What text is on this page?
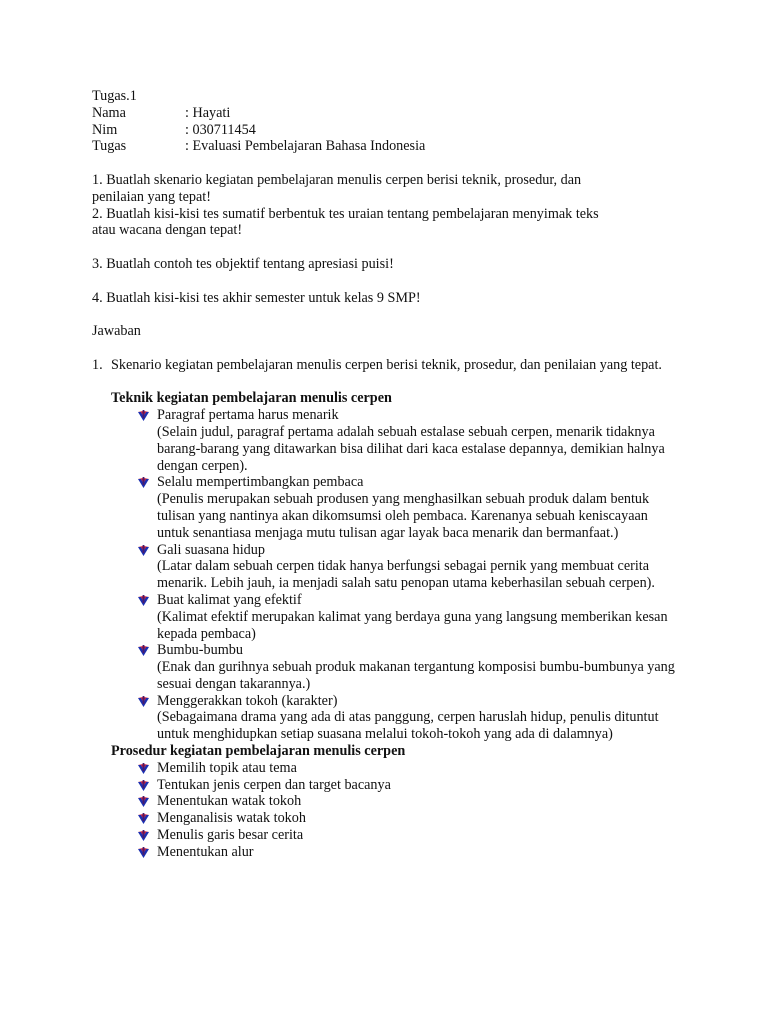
Tugas.1
Nama	: Hayati
Nim	: 030711454
Tugas	: Evaluasi Pembelajaran Bahasa Indonesia
1. Buatlah skenario kegiatan pembelajaran menulis cerpen berisi teknik, prosedur, dan
penilaian yang tepat!
2. Buatlah kisi-kisi tes sumatif berbentuk tes uraian tentang pembelajaran menyimak teks
atau wacana dengan tepat!
3. Buatlah contoh tes objektif tentang apresiasi puisi!
4. Buatlah kisi-kisi tes akhir semester untuk kelas 9 SMP!
Jawaban
1. Skenario kegiatan pembelajaran menulis cerpen berisi teknik, prosedur, dan penilaian yang tepat.
Teknik kegiatan pembelajaran menulis cerpen
Paragraf pertama harus menarik
(Selain judul, paragraf pertama adalah sebuah estalase sebuah cerpen, menarik tidaknya barang-barang yang ditawarkan bisa dilihat dari kaca estalase depannya, demikian halnya dengan cerpen).
Selalu mempertimbangkan pembaca
(Penulis merupakan sebuah produsen yang menghasilkan sebuah produk dalam bentuk tulisan yang nantinya akan dikomsumsi oleh pembaca. Karenanya sebuah keniscayaan untuk senantiasa menjaga mutu tulisan agar layak baca menarik dan bermanfaat.)
Gali suasana hidup
(Latar dalam sebuah cerpen tidak hanya berfungsi sebagai pernik yang membuat cerita menarik. Lebih jauh, ia menjadi salah satu penopan utama keberhasilan sebuah cerpen).
Buat kalimat yang efektif
(Kalimat efektif merupakan kalimat yang berdaya guna yang langsung memberikan kesan kepada pembaca)
Bumbu-bumbu
(Enak dan gurihnya sebuah produk makanan tergantung komposisi bumbu-bumbunya yang sesuai dengan takarannya.)
Menggerakkan tokoh (karakter)
(Sebagaimana drama yang ada di atas panggung, cerpen haruslah hidup, penulis dituntut untuk menghidupkan setiap suasana melalui tokoh-tokoh yang ada di dalamnya)
Prosedur kegiatan pembelajaran menulis cerpen
Memilih topik atau tema
Tentukan jenis cerpen dan target bacanya
Menentukan watak tokoh
Menganalisis watak tokoh
Menulis garis besar cerita
Menentukan alur
